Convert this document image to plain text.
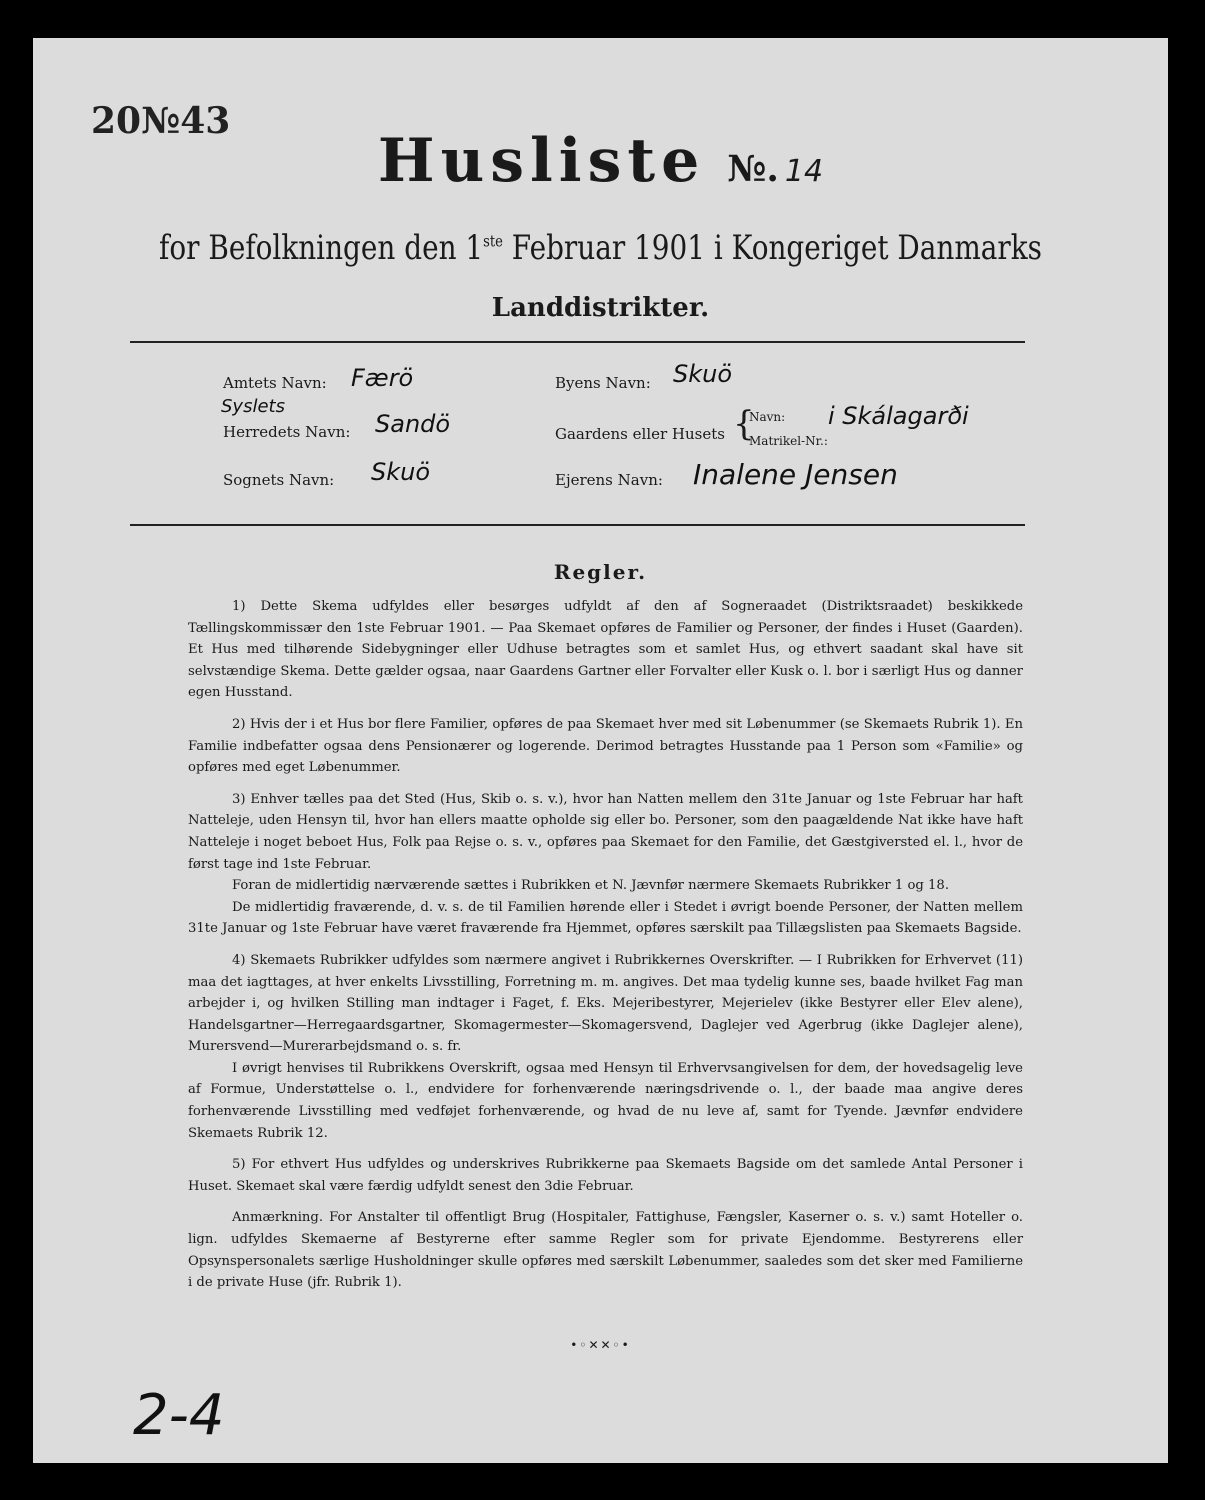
20№43
Husliste №. 14
for Befolkningen den 1ste Februar 1901 i Kongeriget Danmarks
Landdistrikter.
Amtets Navn: Færö
Syslets
Herredets Navn: Sandö
Sognets Navn: Skuö
Byens Navn: Skuö
Gaardens eller Husets {
Navn:
Matrikel-Nr.:
i Skálagarði
Ejerens Navn: Inalene Jensen
Regler.

1) Dette Skema udfyldes eller besørges udfyldt af den af Sogneraadet (Distriktsraadet) beskikkede Tællingskommissær den 1ste Februar 1901. — Paa Skemaet opføres de Familier og Personer, der findes i Huset (Gaarden). Et Hus med tilhørende Sidebygninger eller Udhuse betragtes som et samlet Hus, og ethvert saadant skal have sit selvstændige Skema. Dette gælder ogsaa, naar Gaardens Gartner eller Forvalter eller Kusk o. l. bor i særligt Hus og danner egen Husstand.

2) Hvis der i et Hus bor flere Familier, opføres de paa Skemaet hver med sit Løbenummer (se Skemaets Rubrik 1). En Familie indbefatter ogsaa dens Pensionærer og logerende. Derimod betragtes Husstande paa 1 Person som «Familie» og opføres med eget Løbenummer.

3) Enhver tælles paa det Sted (Hus, Skib o. s. v.), hvor han Natten mellem den 31te Januar og 1ste Februar har haft Natteleje, uden Hensyn til, hvor han ellers maatte opholde sig eller bo. Personer, som den paagældende Nat ikke have haft Natteleje i noget beboet Hus, Folk paa Rejse o. s. v., opføres paa Skemaet for den Familie, det Gæstgiversted el. l., hvor de først tage ind 1ste Februar.

Foran de midlertidig nærværende sættes i Rubrikken et N. Jævnfør nærmere Skemaets Rubrikker 1 og 18.

De midlertidig fraværende, d. v. s. de til Familien hørende eller i Stedet i øvrigt boende Personer, der Natten mellem 31te Januar og 1ste Februar have været fraværende fra Hjemmet, opføres særskilt paa Tillægslisten paa Skemaets Bagside.

4) Skemaets Rubrikker udfyldes som nærmere angivet i Rubrikkernes Overskrifter. — I Rubrikken for Erhvervet (11) maa det iagttages, at hver enkelts Livsstilling, Forretning m. m. angives. Det maa tydelig kunne ses, baade hvilket Fag man arbejder i, og hvilken Stilling man indtager i Faget, f. Eks. Mejeribestyrer, Mejerielev (ikke Bestyrer eller Elev alene), Handelsgartner—Herregaardsgartner, Skomagermester—Skomagersvend, Daglejer ved Agerbrug (ikke Daglejer alene), Murersvend—Murerarbejdsmand o. s. fr.

I øvrigt henvises til Rubrikkens Overskrift, ogsaa med Hensyn til Erhvervsangivelsen for dem, der hovedsagelig leve af Formue, Understøttelse o. l., endvidere for forhenværende næringsdrivende o. l., der baade maa angive deres forhenværende Livsstilling med vedføjet forhenværende, og hvad de nu leve af, samt for Tyende. Jævnfør endvidere Skemaets Rubrik 12.

5) For ethvert Hus udfyldes og underskrives Rubrikkerne paa Skemaets Bagside om det samlede Antal Personer i Huset. Skemaet skal være færdig udfyldt senest den 3die Februar.

Anmærkning. For Anstalter til offentligt Brug (Hospitaler, Fattighuse, Fængsler, Kaserner o. s. v.) samt Hoteller o. lign. udfyldes Skemaerne af Bestyrerne efter samme Regler som for private Ejendomme. Bestyrerens eller Opsynspersonalets særlige Husholdninger skulle opføres med særskilt Løbenummer, saaledes som det sker med Familierne i de private Huse (jfr. Rubrik 1).

•◦✕✕◦•
2-4
